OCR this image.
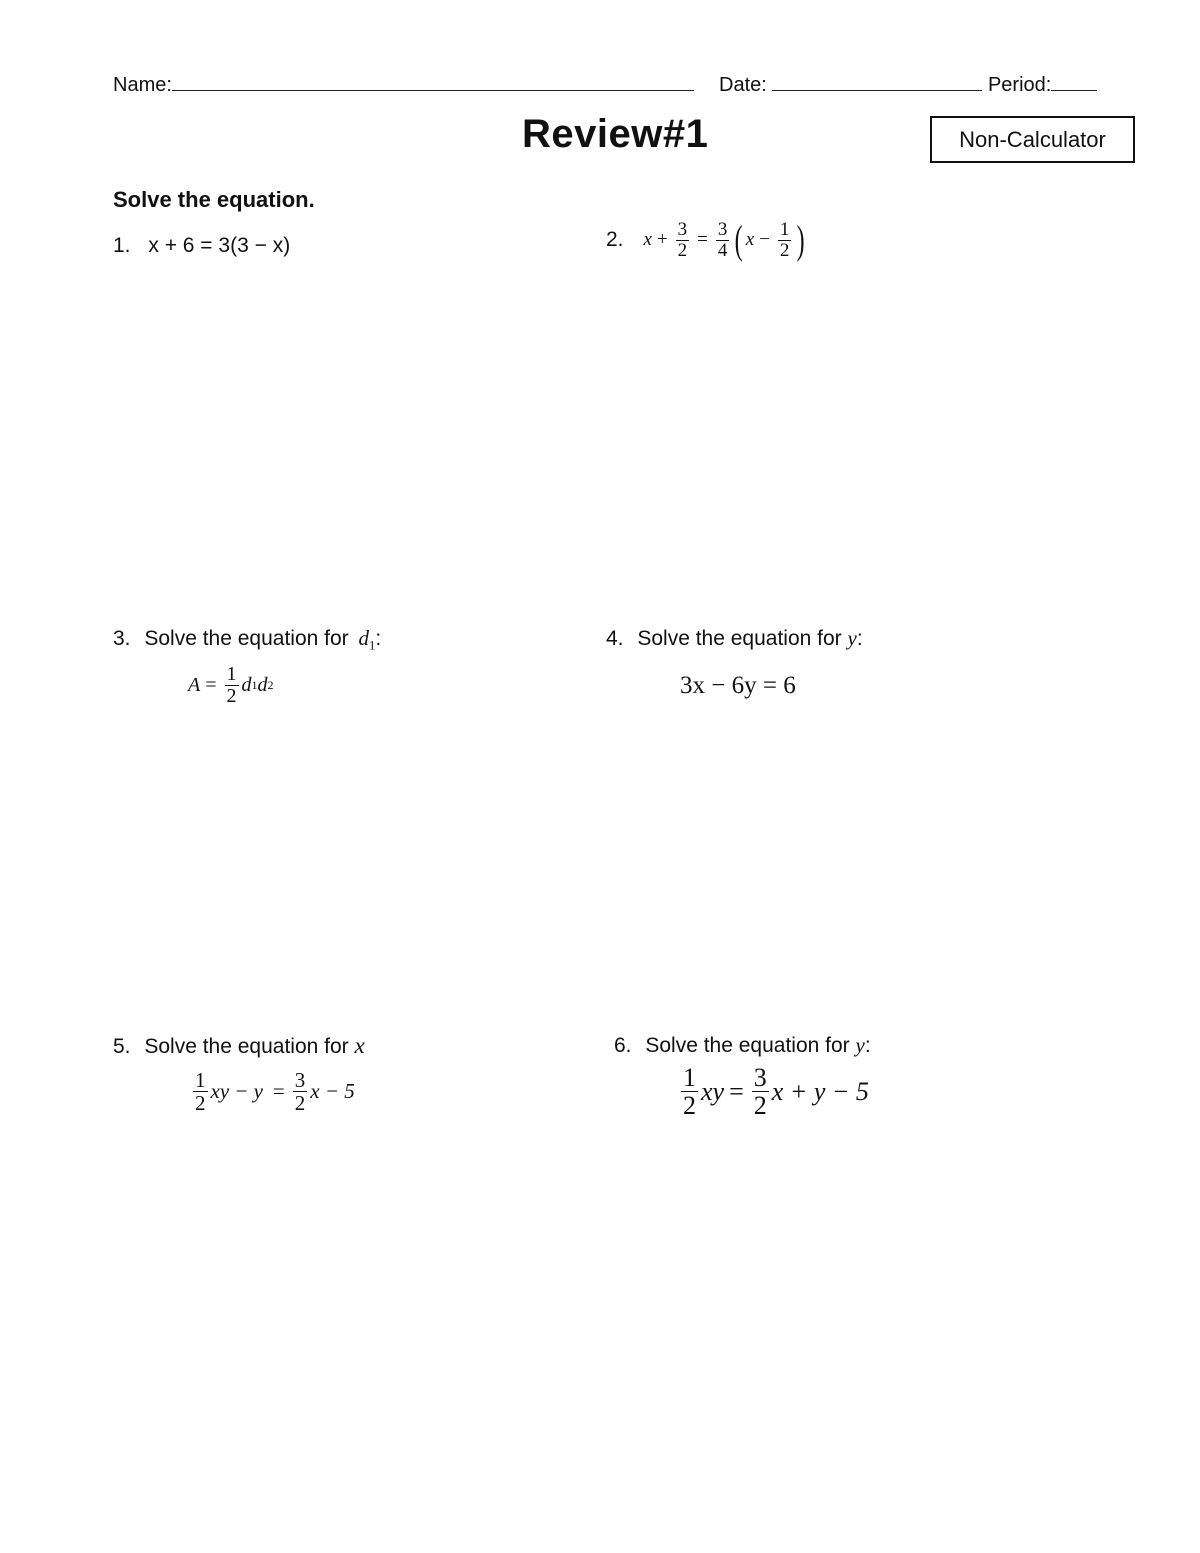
Name:	Date:	Period:
Review#1	Non-Calculator
Solve the equation.
1. x + 6 = 3(3 − x)	2. $x + \frac{3}{2} = \frac{3}{4}$ ( $x - \frac{1}{2}$ )
3. Solve the equation for $d_1$:
$A = \frac{1}{2}$ d 1 d 2
4. Solve the equation for y:
3x − 6y = 6
5. Solve the equation for x
$\frac{1}{2}$ xy − $y = \frac{3}{2}$ x − 5
6. Solve the equation for y:
$\frac{1}{2}$ xy = $\frac{3}{2}$ x + y − 5
